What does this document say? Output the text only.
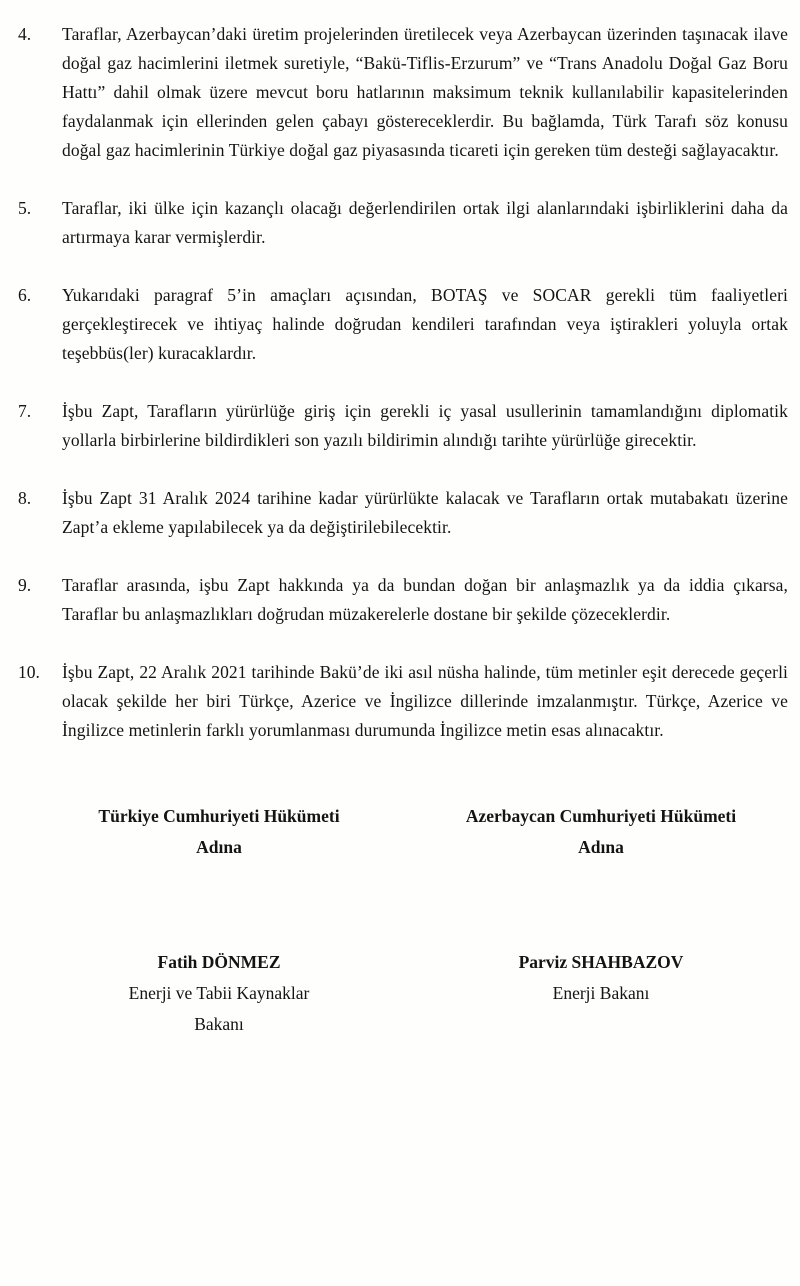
4.	Taraflar, Azerbaycan’daki üretim projelerinden üretilecek veya Azerbaycan üzerinden taşınacak ilave doğal gaz hacimlerini iletmek suretiyle, “Bakü-Tiflis-Erzurum” ve “Trans Anadolu Doğal Gaz Boru Hattı” dahil olmak üzere mevcut boru hatlarının maksimum teknik kullanılabilir kapasitelerinden faydalanmak için ellerinden gelen çabayı göstereceklerdir. Bu bağlamda, Türk Tarafı söz konusu doğal gaz hacimlerinin Türkiye doğal gaz piyasasında ticareti için gereken tüm desteği sağlayacaktır.
5.	Taraflar, iki ülke için kazançlı olacağı değerlendirilen ortak ilgi alanlarındaki işbirliklerini daha da artırmaya karar vermişlerdir.
6.	Yukarıdaki paragraf 5’in amaçları açısından, BOTAŞ ve SOCAR gerekli tüm faaliyetleri gerçekleştirecek ve ihtiyaç halinde doğrudan kendileri tarafından veya iştirakleri yoluyla ortak teşebbüs(ler) kuracaklardır.
7.	İşbu Zapt, Tarafların yürürlüğe giriş için gerekli iç yasal usullerinin tamamlandığını diplomatik yollarla birbirlerine bildirdikleri son yazılı bildirimin alındığı tarihte yürürlüğe girecektir.
8.	İşbu Zapt 31 Aralık 2024 tarihine kadar yürürlükte kalacak ve Tarafların ortak mutabakatı üzerine Zapt’a ekleme yapılabilecek ya da değiştirilebilecektir.
9.	Taraflar arasında, işbu Zapt hakkında ya da bundan doğan bir anlaşmazlık ya da iddia çıkarsa, Taraflar bu anlaşmazlıkları doğrudan müzakerelerle dostane bir şekilde çözeceklerdir.
10.	İşbu Zapt, 22 Aralık 2021 tarihinde Bakü’de iki asıl nüsha halinde, tüm metinler eşit derecede geçerli olacak şekilde her biri Türkçe, Azerice ve İngilizce dillerinde imzalanmıştır. Türkçe, Azerice ve İngilizce metinlerin farklı yorumlanması durumunda İngilizce metin esas alınacaktır.
Türkiye Cumhuriyeti Hükümeti
Adına
Azerbaycan Cumhuriyeti Hükümeti
Adına
Fatih DÖNMEZ
Enerji ve Tabii Kaynaklar
Bakanı
Parviz SHAHBAZOV
Enerji Bakanı
